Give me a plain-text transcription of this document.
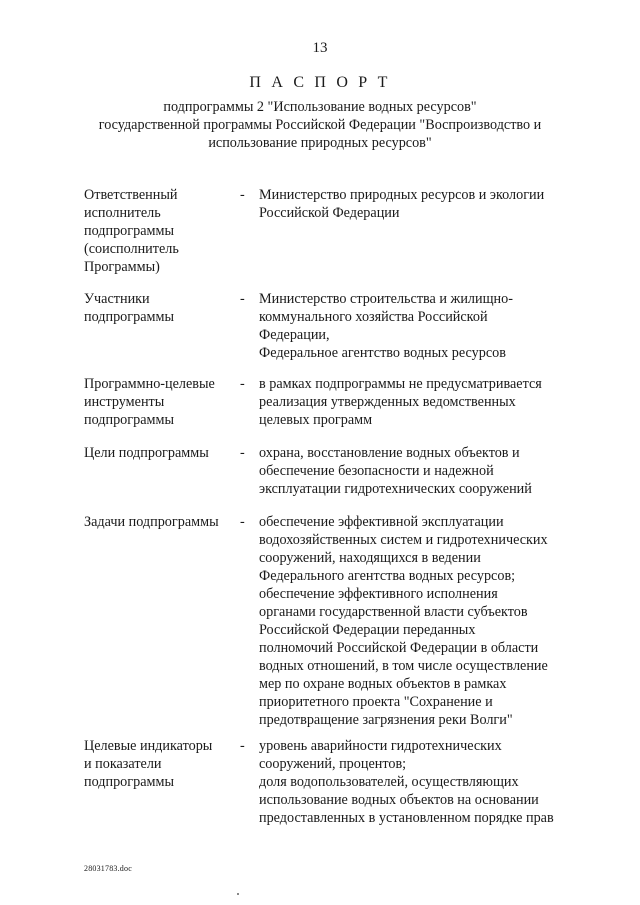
13
П А С П О Р Т
подпрограммы 2 "Использование водных ресурсов"
государственной программы Российской Федерации "Воспроизводство и
использование природных ресурсов"
Ответственный
исполнитель
подпрограммы
(соисполнитель
Программы)
- Министерство природных ресурсов и экологии
Российской Федерации
Участники
подпрограммы
- Министерство строительства и жилищно-
коммунального хозяйства Российской
Федерации,
Федеральное агентство водных ресурсов
Программно-целевые
инструменты
подпрограммы
- в рамках подпрограммы не предусматривается
реализация утвержденных ведомственных
целевых программ
Цели подпрограммы	- охрана, восстановление водных объектов и
обеспечение безопасности и надежной
эксплуатации гидротехнических сооружений
Задачи подпрограммы	- обеспечение эффективной эксплуатации
водохозяйственных систем и гидротехнических
сооружений, находящихся в ведении
Федерального агентства водных ресурсов;
обеспечение эффективного исполнения
органами государственной власти субъектов
Российской Федерации переданных
полномочий Российской Федерации в области
водных отношений, в том числе осуществление
мер по охране водных объектов в рамках
приоритетного проекта "Сохранение и
предотвращение загрязнения реки Волги"
Целевые индикаторы
и показатели
подпрограммы
- уровень аварийности гидротехнических
сооружений, процентов;
доля водопользователей, осуществляющих
использование водных объектов на основании
предоставленных в установленном порядке прав
28031783.doc
